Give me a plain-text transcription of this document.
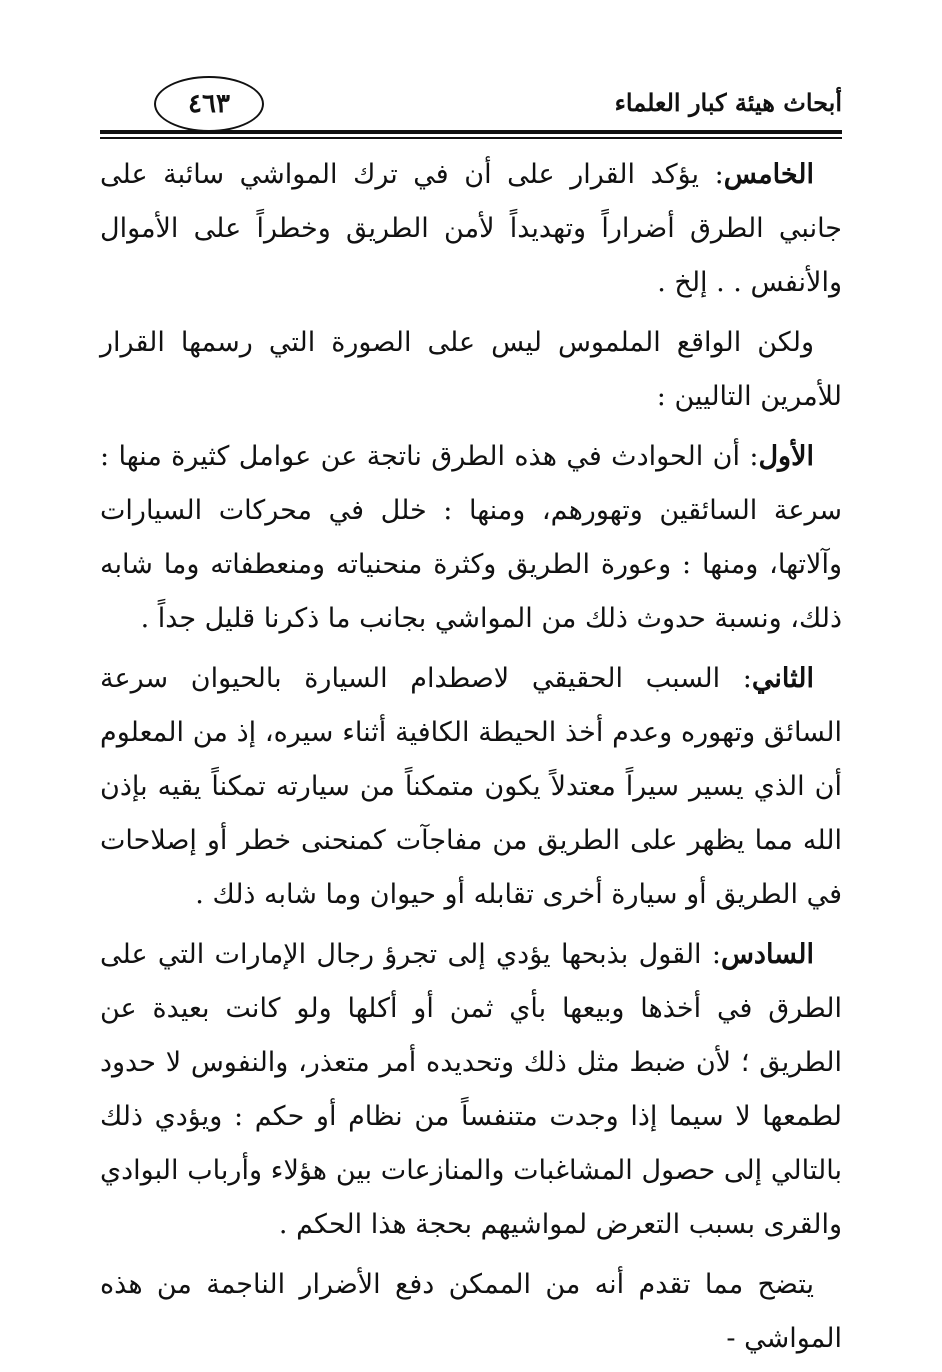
أبحاث هيئة كبار العلماء
٤٦٣

الخامس: يؤكد القرار على أن في ترك المواشي سائبة على جانبي الطرق أضراراً وتهديداً لأمن الطريق وخطراً على الأموال والأنفس . . إلخ .

ولكن الواقع الملموس ليس على الصورة التي رسمها القرار للأمرين التاليين :

الأول: أن الحوادث في هذه الطرق ناتجة عن عوامل كثيرة منها : سرعة السائقين وتهورهم، ومنها : خلل في محركات السيارات وآلاتها، ومنها : وعورة الطريق وكثرة منحنياته ومنعطفاته وما شابه ذلك، ونسبة حدوث ذلك من المواشي بجانب ما ذكرنا قليل جداً .

الثاني: السبب الحقيقي لاصطدام السيارة بالحيوان سرعة السائق وتهوره وعدم أخذ الحيطة الكافية أثناء سيره، إذ من المعلوم أن الذي يسير سيراً معتدلاً يكون متمكناً من سيارته تمكناً يقيه بإذن الله مما يظهر على الطريق من مفاجآت كمنحنى خطر أو إصلاحات في الطريق أو سيارة أخرى تقابله أو حيوان وما شابه ذلك .

السادس: القول بذبحها يؤدي إلى تجرؤ رجال الإمارات التي على الطرق في أخذها وبيعها بأي ثمن أو أكلها ولو كانت بعيدة عن الطريق ؛ لأن ضبط مثل ذلك وتحديده أمر متعذر، والنفوس لا حدود لطمعها لا سيما إذا وجدت متنفساً من نظام أو حكم : ويؤدي ذلك بالتالي إلى حصول المشاغبات والمنازعات بين هؤلاء وأرباب البوادي والقرى بسبب التعرض لمواشيهم بحجة هذا الحكم .

يتضح مما تقدم أنه من الممكن دفع الأضرار الناجمة من هذه المواشي -
